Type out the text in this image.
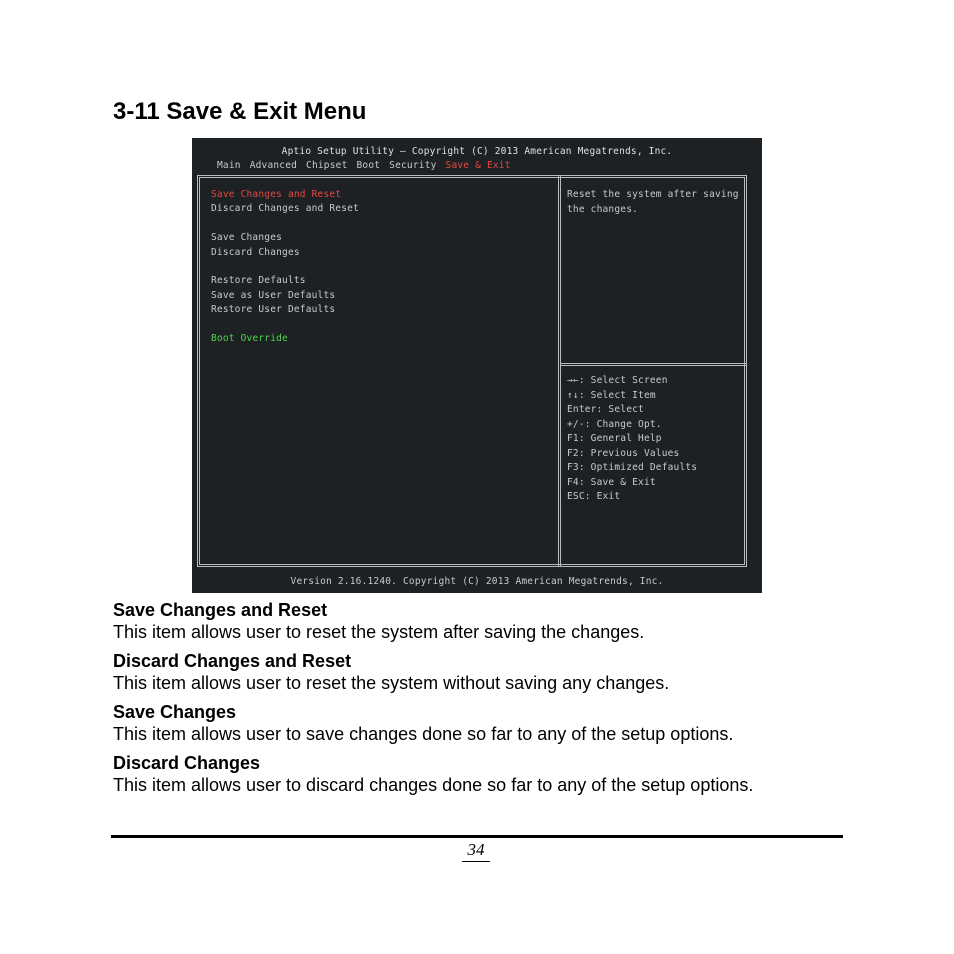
3-11 Save & Exit Menu
Aptio Setup Utility – Copyright (C) 2013 American Megatrends, Inc.
Main Advanced Chipset Boot Security Save & Exit
Save Changes and Reset
Discard Changes and Reset
Save Changes
Discard Changes
Restore Defaults
Save as User Defaults
Restore User Defaults
Boot Override
Reset the system after saving the changes.
→←: Select Screen
↑↓: Select Item
Enter: Select
+/-: Change Opt.
F1: General Help
F2: Previous Values
F3: Optimized Defaults
F4: Save & Exit
ESC: Exit
Version 2.16.1240. Copyright (C) 2013 American Megatrends, Inc.
Save Changes and Reset

This item allows user to reset the system after saving the changes.

Discard Changes and Reset

This item allows user to reset the system without saving any changes.

Save Changes

This item allows user to save changes done so far to any of the setup options.

Discard Changes

This item allows user to discard changes done so far to any of the setup options.

34
